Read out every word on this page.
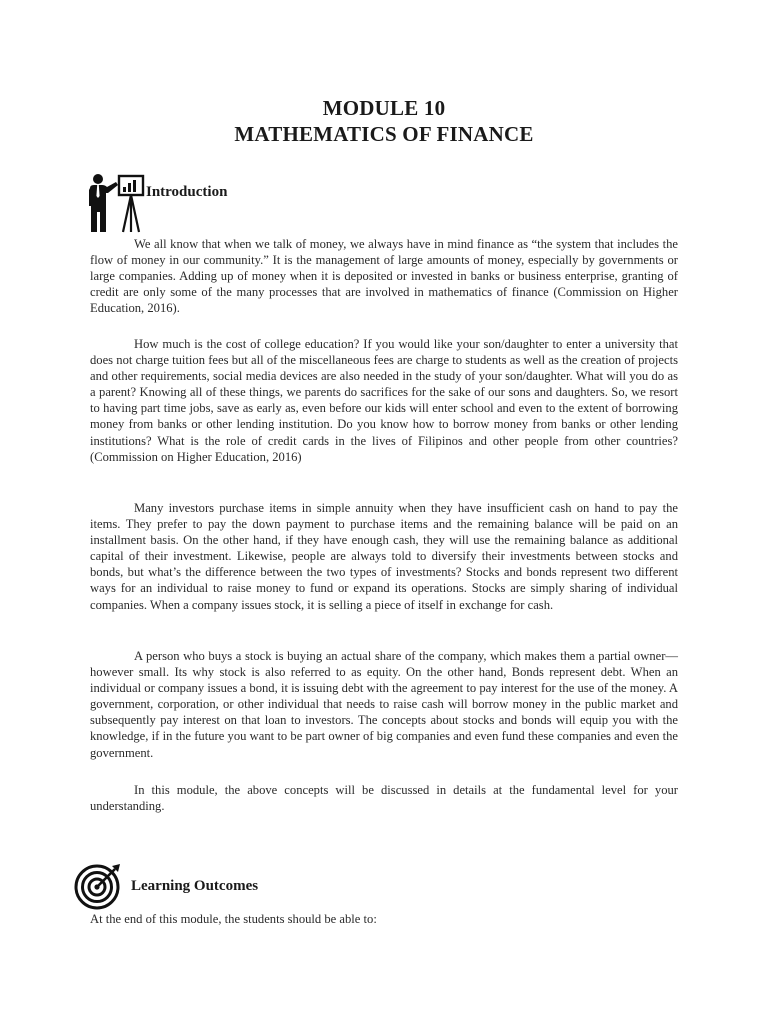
MODULE 10
MATHEMATICS OF FINANCE
Introduction

We all know that when we talk of money, we always have in mind finance as “the system that includes the flow of money in our community.” It is the management of large amounts of money, especially by governments or large companies. Adding up of money when it is deposited or invested in banks or business enterprise, granting of credit are only some of the many processes that are involved in mathematics of finance (Commission on Higher Education, 2016).

How much is the cost of college education? If you would like your son/daughter to enter a university that does not charge tuition fees but all of the miscellaneous fees are charge to students as well as the creation of projects and other requirements, social media devices are also needed in the study of your son/daughter. What will you do as a parent? Knowing all of these things, we parents do sacrifices for the sake of our sons and daughters. So, we resort to having part time jobs, save as early as, even before our kids will enter school and even to the extent of borrowing money from banks or other lending institution. Do you know how to borrow money from banks or other lending institutions? What is the role of credit cards in the lives of Filipinos and other people from other countries? (Commission on Higher Education, 2016)

Many investors purchase items in simple annuity when they have insufficient cash on hand to pay the items. They prefer to pay the down payment to purchase items and the remaining balance will be paid on an installment basis. On the other hand, if they have enough cash, they will use the remaining balance as additional capital of their investment. Likewise, people are always told to diversify their investments between stocks and bonds, but what’s the difference between the two types of investments? Stocks and bonds represent two different ways for an individual to raise money to fund or expand its operations. Stocks are simply sharing of individual companies. When a company issues stock, it is selling a piece of itself in exchange for cash.

A person who buys a stock is buying an actual share of the company, which makes them a partial owner—however small. Its why stock is also referred to as equity. On the other hand, Bonds represent debt. When an individual or company issues a bond, it is issuing debt with the agreement to pay interest for the use of the money. A government, corporation, or other individual that needs to raise cash will borrow money in the public market and subsequently pay interest on that loan to investors. The concepts about stocks and bonds will equip you with the knowledge, if in the future you want to be part owner of big companies and even fund these companies and even the government.

In this module, the above concepts will be discussed in details at the fundamental level for your understanding.

Learning Outcomes
At the end of this module, the students should be able to:
